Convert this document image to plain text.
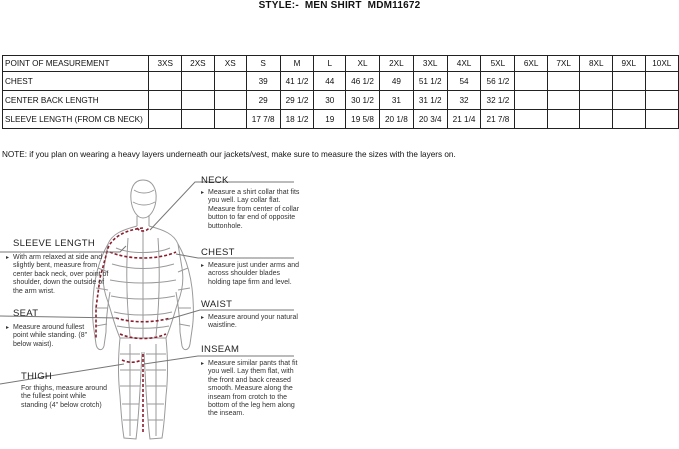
STYLE:- MEN SHIRT MDM11672
POINT OF MEASUREMENT	3XS	2XS	XS	S	M	L	XL	2XL	3XL	4XL	5XL	6XL	7XL	8XL	9XL	10XL
CHEST				39	41 1/2	44	46 1/2	49	51 1/2	54	56 1/2					
CENTER BACK LENGTH				29	29 1/2	30	30 1/2	31	31 1/2	32	32 1/2					
SLEEVE LENGTH (FROM CB NECK)				17 7/8	18 1/2	19	19 5/8	20 1/8	20 3/4	21 1/4	21 7/8					
NOTE: if you plan on wearing a heavy layers underneath our jackets/vest, make sure to measure the sizes with the layers on.
NECK
▸ Measure a shirt collar that fits you well. Lay collar flat. Measure from center of collar button to far end of opposite buttonhole.
SLEEVE LENGTH
▸ With arm relaxed at side and slightly bent, measure from center back neck, over point of shoulder, down the outside of the arm wrist.
CHEST
▸ Measure just under arms and across shoulder blades holding tape firm and level.
WAIST
▸ Measure around your natural waistline.
SEAT
▸ Measure around fullest point while standing. (8" below waist).	INSEAM
▸ Measure similar pants that fit you well. Lay them flat, with the front and back creased smooth. Measure along the inseam from crotch to the bottom of the leg hem along the inseam.
THIGH
For thighs, measure around the fullest point while standing (4" below crotch)
